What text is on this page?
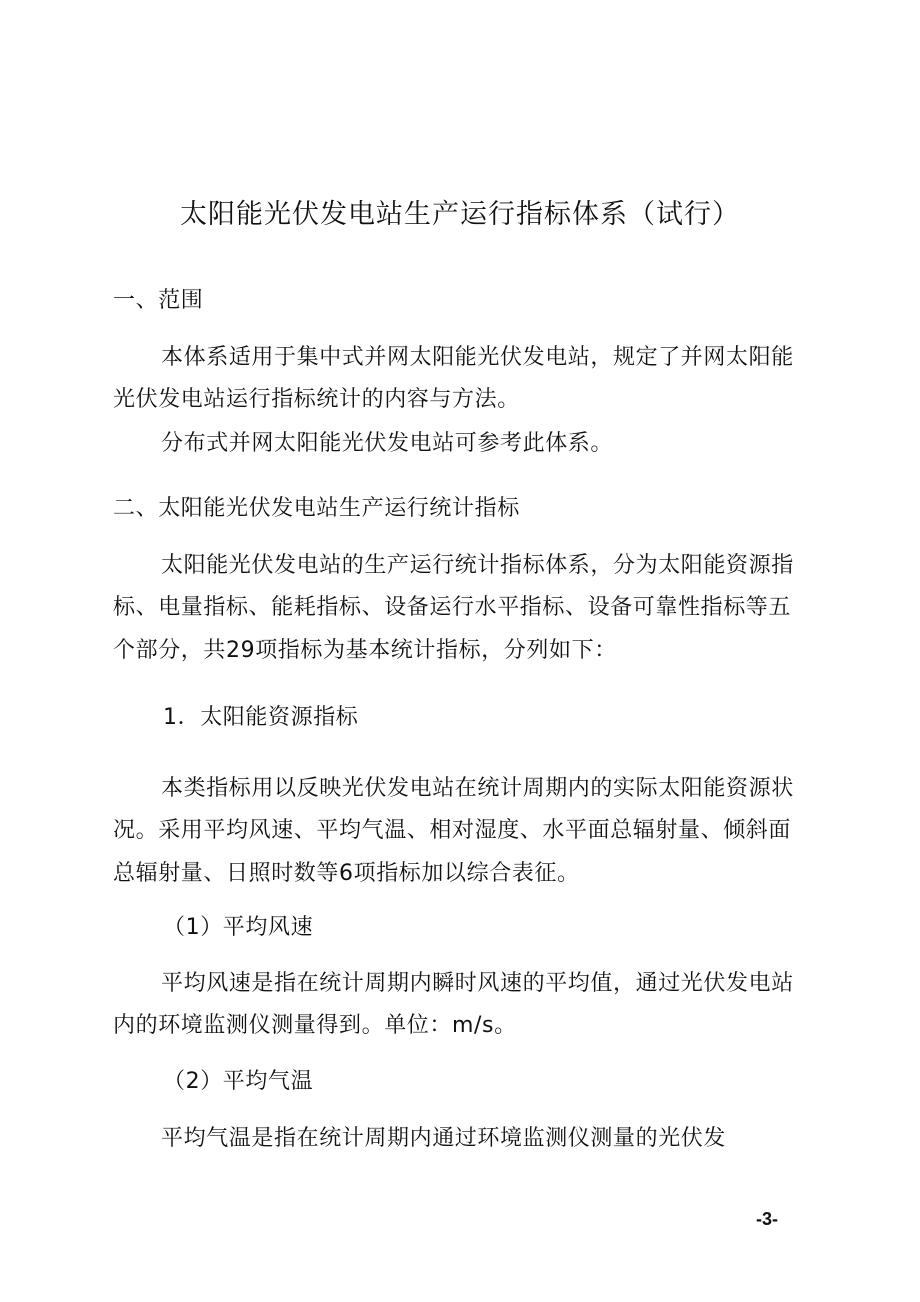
太阳能光伏发电站生产运行指标体系（试行）
一、范围
本体系适用于集中式并网太阳能光伏发电站，规定了并网太阳能
光伏发电站运行指标统计的内容与方法。
分布式并网太阳能光伏发电站可参考此体系。
二、太阳能光伏发电站生产运行统计指标
太阳能光伏发电站的生产运行统计指标体系，分为太阳能资源指
标、电量指标、能耗指标、设备运行水平指标、设备可靠性指标等五
个部分，共29项指标为基本统计指标，分列如下：
1．太阳能资源指标
本类指标用以反映光伏发电站在统计周期内的实际太阳能资源状
况。采用平均风速、平均气温、相对湿度、水平面总辐射量、倾斜面
总辐射量、日照时数等6项指标加以综合表征。
（1）平均风速
平均风速是指在统计周期内瞬时风速的平均值，通过光伏发电站
内的环境监测仪测量得到。单位：m/s。
（2）平均气温
平均气温是指在统计周期内通过环境监测仪测量的光伏发
-3-
